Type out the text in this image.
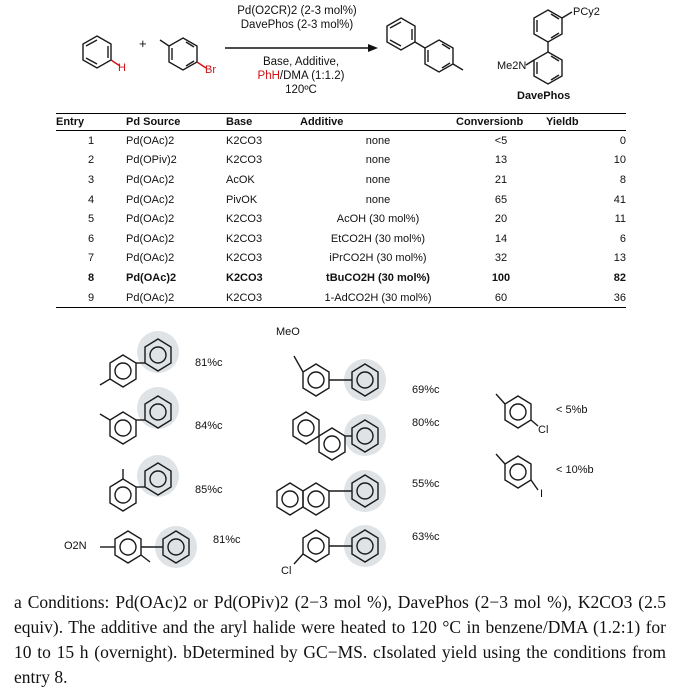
Pd(O2CR)2 (2-3 mol%)
DavePhos (2-3 mol%)
Base, Additive,
PhH/DMA (1:1.2)
120ºC
+
H	Br
PCy2
Me2N
DavePhos
Entry	Pd Source	Base	Additive	Conversionb	Yieldb
1	Pd(OAc)2	K2CO3	none	<5	0
2	Pd(OPiv)2	K2CO3	none	13	10
3	Pd(OAc)2	AcOK	none	21	8
4	Pd(OAc)2	PivOK	none	65	41
5	Pd(OAc)2	K2CO3	AcOH (30 mol%)	20	11
6	Pd(OAc)2	K2CO3	EtCO2H (30 mol%)	14	6
7	Pd(OAc)2	K2CO3	iPrCO2H (30 mol%)	32	13
8	Pd(OAc)2	K2CO3	tBuCO2H (30 mol%)	100	82
9	Pd(OAc)2	K2CO3	1-AdCO2H (30 mol%)	60	36
MeO
O2N
Cl
Cl
I
81%c
84%c
85%c
81%c
69%c
80%c
55%c
63%c
< 5%b
< 10%b
a Conditions: Pd(OAc)2 or Pd(OPiv)2 (2−3 mol %), DavePhos (2−3 mol %), K2CO3 (2.5 equiv). The additive and the aryl halide were heated to 120 °C in benzene/DMA (1.2:1) for 10 to 15 h (overnight). bDetermined by GC−MS. cIsolated yield using the conditions from entry 8.
